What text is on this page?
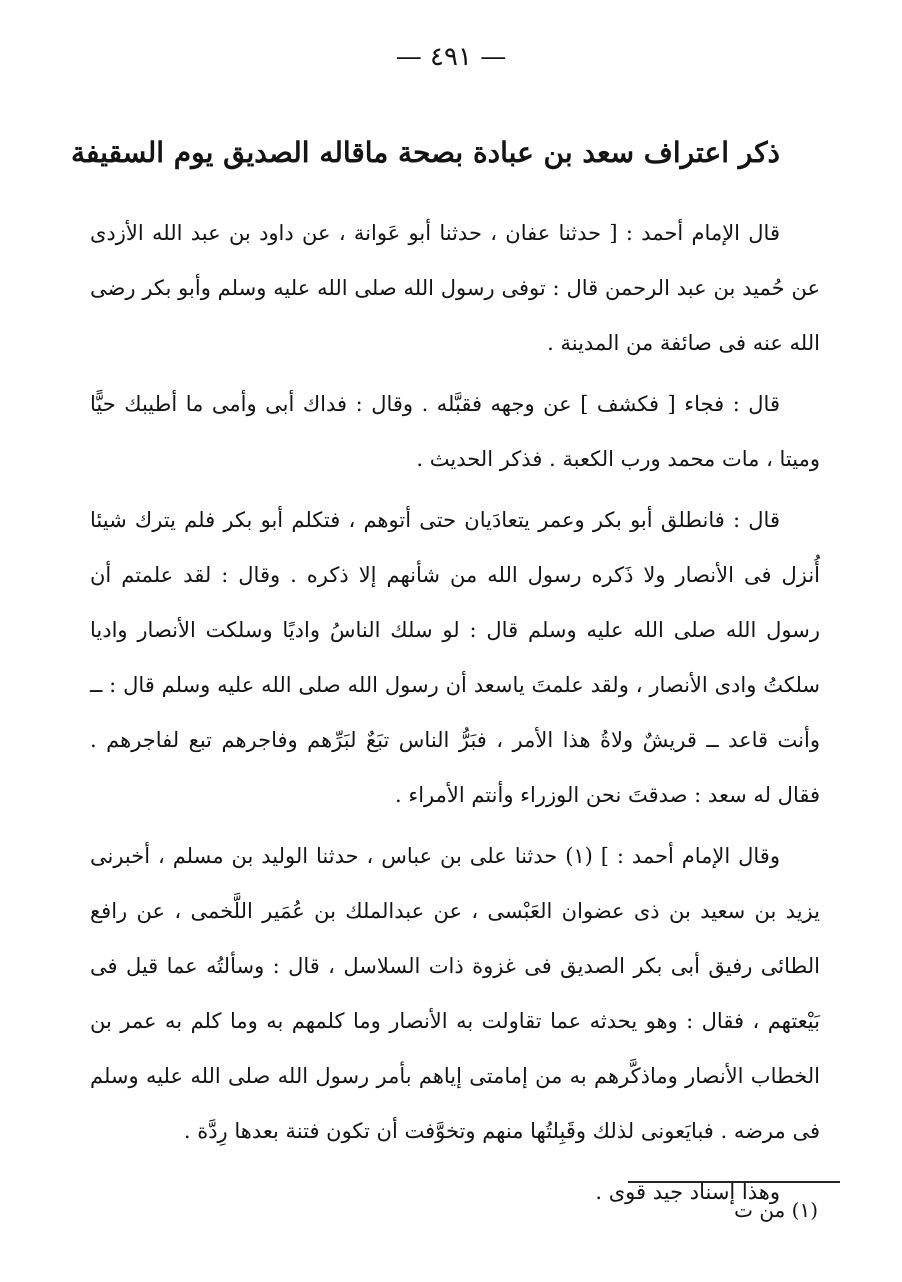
— ٤٩١ —
ذكر اعتراف سعد بن عبادة بصحة ماقاله الصديق يوم السقيفة

قال الإمام أحمد : [ حدثنا عفان ، حدثنا أبو عَوانة ، عن داود بن عبد الله الأزدى عن حُميد بن عبد الرحمن قال : توفى رسول الله صلى الله عليه وسلم وأبو بكر رضى الله عنه فى صائفة من المدينة .

قال : فجاء [ فكشف ] عن وجهه فقبَّله . وقال : فداك أبى وأمى ما أطيبك حيًّا وميتا ، مات محمد ورب الكعبة . فذكر الحديث .

قال : فانطلق أبو بكر وعمر يتعادَيان حتى أتوهم ، فتكلم أبو بكر فلم يترك شيئا أُنزل فى الأنصار ولا ذَكره رسول الله من شأنهم إلا ذكره . وقال : لقد علمتم أن رسول الله صلى الله عليه وسلم قال : لو سلك الناسُ واديًا وسلكت الأنصار واديا سلكتُ وادى الأنصار ، ولقد علمتَ ياسعد أن رسول الله صلى الله عليه وسلم قال : ــ وأنت قاعد ــ قريشٌ ولاةُ هذا الأمر ، فبَرُّ الناس تبَعٌ لبَرِّهم وفاجرهم تبع لفاجرهم . فقال له سعد : صدقتَ نحن الوزراء وأنتم الأمراء .

وقال الإمام أحمد : ] (١) حدثنا على بن عباس ، حدثنا الوليد بن مسلم ، أخبرنى يزيد بن سعيد بن ذى عضوان العَبْسى ، عن عبدالملك بن عُمَير اللَّخمى ، عن رافع الطائى رفيق أبى بكر الصديق فى غزوة ذات السلاسل ، قال : وسألتُه عما قيل فى بَيْعتهم ، فقال : وهو يحدثه عما تقاولت به الأنصار وما كلمهم به وما كلم به عمر بن الخطاب الأنصار وماذكَّرهم به من إمامتى إياهم بأمر رسول الله صلى الله عليه وسلم فى مرضه . فبايَعونى لذلك وقَبِلتُها منهم وتخوَّفت أن تكون فتنة بعدها رِدَّة .

وهذا إسناد جيد قوى .

(١) من ت
